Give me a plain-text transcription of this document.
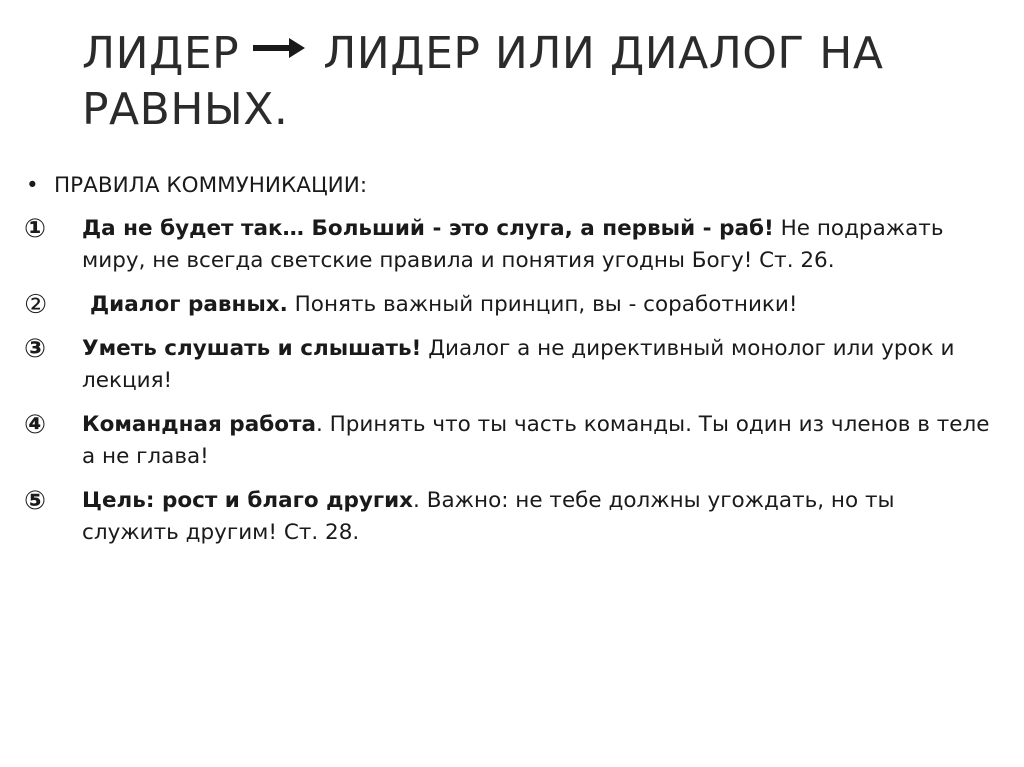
ЛИДЕР ЛИДЕР ИЛИ ДИАЛОГ НА РАВНЫХ.
• ПРАВИЛА КОММУНИКАЦИИ:
① Да не будет так… Больший - это слуга, а первый - раб! Не подражать миру, не всегда светские правила и понятия угодны Богу! Ст. 26.
② Диалог равных. Понять важный принцип, вы - соработники!
③ Уметь слушать и слышать! Диалог а не директивный монолог или урок и лекция!
④ Командная работа. Принять что ты часть команды. Ты один из членов в теле а не глава!
⑤ Цель: рост и благо других. Важно: не тебе должны угождать, но ты служить другим! Ст. 28.
